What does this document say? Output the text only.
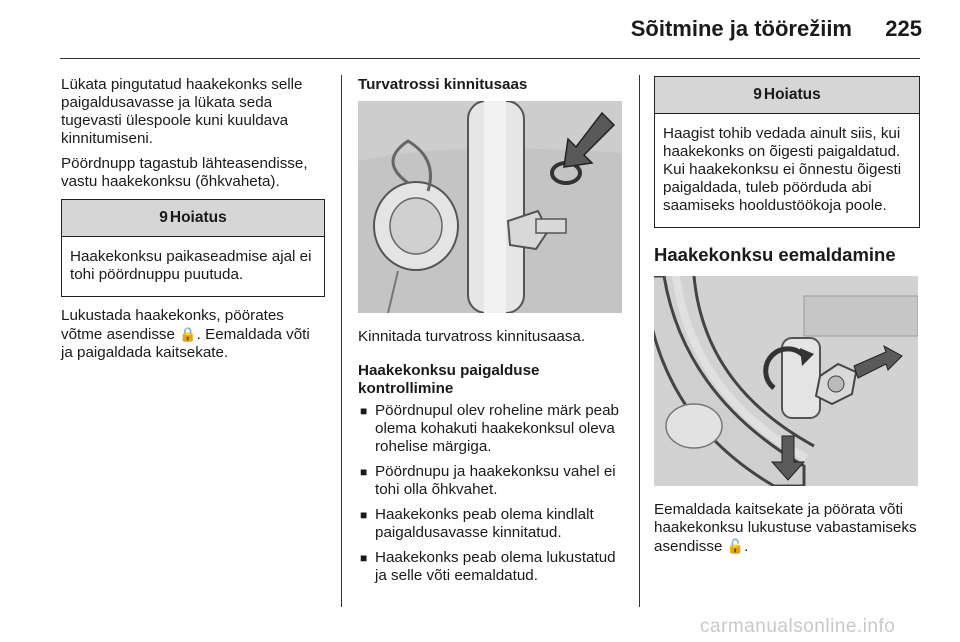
Sõitmine ja töörežiim	225

Lükata pingutatud haakekonks selle paigaldusavasse ja lükata seda tugevasti ülespoole kuni kuuldava kinnitumiseni.

Pöördnupp tagastub lähteasendisse, vastu haakekonksu (õhkvaheta).

9 Hoiatus
Haakekonksu paikaseadmise ajal ei tohi pöördnuppu puutuda.

Lukustada haakekonks, pöörates võtme asendisse 🔒. Eemaldada võti ja paigaldada kaitsekate.

Turvatrossi kinnitusaas

Kinnitada turvatross kinnitusaasa.

Haakekonksu paigalduse kontrollimine
■ Pöördnupul olev roheline märk peab olema kohakuti haakekonksul oleva rohelise märgiga.
■ Pöördnupu ja haakekonksu vahel ei tohi olla õhkvahet.
■ Haakekonks peab olema kindlalt paigaldusavasse kinnitatud.
■ Haakekonks peab olema lukustatud ja selle võti eemaldatud.
9 Hoiatus
Haagist tohib vedada ainult siis, kui haakekonks on õigesti paigaldatud. Kui haakekonksu ei õnnestu õigesti paigaldada, tuleb pöörduda abi saamiseks hooldustöökoja poole.
Haakekonksu eemaldamine

Eemaldada kaitsekate ja pöörata võti haakekonksu lukustuse vabastamiseks asendisse 🔓.

carmanualsonline.info
